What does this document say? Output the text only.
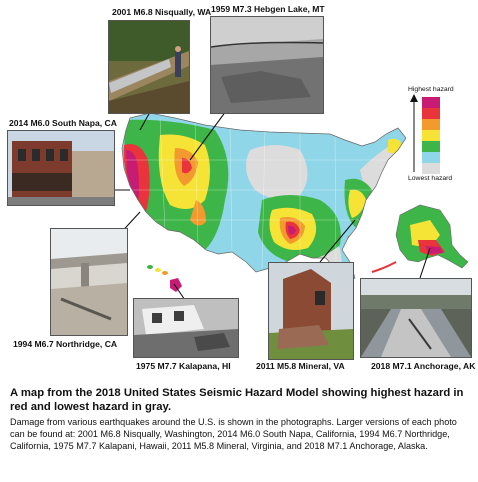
2001 M6.8 Nisqually, WA 1959 M7.3 Hebgen Lake, MT
2014 M6.0 South Napa, CA
1994 M6.7 Northridge, CA
1975 M7.7 Kalapana, HI	2011 M5.8 Mineral, VA	2018 M7.1 Anchorage, AK
Highest hazard
Lowest hazard

A map from the 2018 United States Seismic Hazard Model showing highest hazard in red and lowest hazard in gray.

Damage from various earthquakes around the U.S. is shown in the photographs. Larger versions of each photo can be found at: 2001 M6.8 Nisqually, Washington, 2014 M6.0 South Napa, California, 1994 M6.7 Northridge, California, 1975 M7.7 Kalapani, Hawaii, 2011 M5.8 Mineral, Virginia, and 2018 M7.1 Anchorage, Alaska.
